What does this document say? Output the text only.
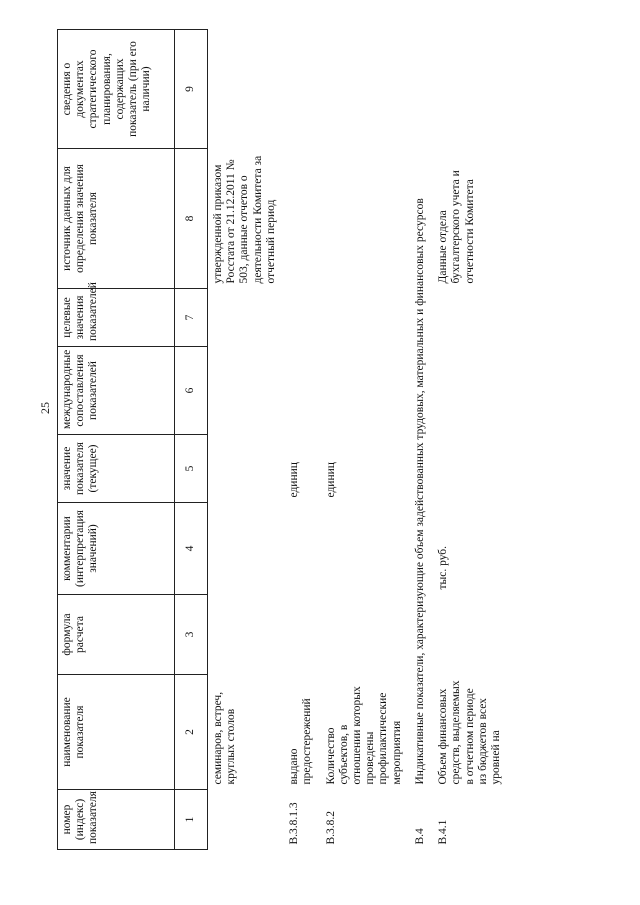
25
номер (индекс) показателя	наименование показателя	формула расчета	комментарии (интерпретация значений)	значение показателя (текущее)	международные сопоставления показателей	целевые значения показателей	источник данных для определения значения показателя	сведения о документах стратегического планирования, содержащих показатель (при его наличии)
1	2	3	4	5	6	7	8	9
	семинаров, встреч, круглых столов						утвержденной приказом Росстата от 21.12.2011 № 503, данные отчетов о деятельности Комитета за отчетный период	
В.3.8.1.3	выдано предостережений			единиц				
В.3.8.2	Количество субъектов, в отношении которых проведены профилактические мероприятия			единиц				
В.4	Индикативные показатели, характеризующие объем задействованных трудовых, материальных и финансовых ресурсов							
В.4.1	Объем финансовых средств, выделяемых в отчетном периоде из бюджетов всех уровней на		тыс. руб.				Данные отдела бухгалтерского учета и отчетности Комитета	
